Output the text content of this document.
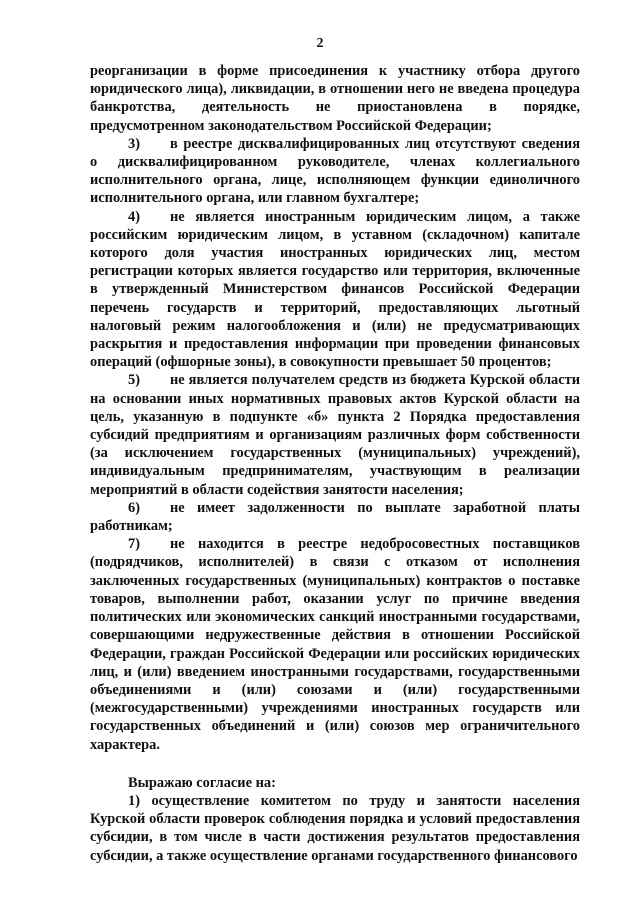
2

реорганизации в форме присоединения к участнику отбора другого юридического лица), ликвидации, в отношении него не введена процедура банкротства, деятельность не приостановлена в порядке, предусмотренном законодательством Российской Федерации;

3) в реестре дисквалифицированных лиц отсутствуют сведения о дисквалифицированном руководителе, членах коллегиального исполнительного органа, лице, исполняющем функции единоличного исполнительного органа, или главном бухгалтере;

4) не является иностранным юридическим лицом, а также российским юридическим лицом, в уставном (складочном) капитале которого доля участия иностранных юридических лиц, местом регистрации которых является государство или территория, включенные в утвержденный Министерством финансов Российской Федерации перечень государств и территорий, предоставляющих льготный налоговый режим налогообложения и (или) не предусматривающих раскрытия и предоставления информации при проведении финансовых операций (офшорные зоны), в совокупности превышает 50 процентов;

5) не является получателем средств из бюджета Курской области на основании иных нормативных правовых актов Курской области на цель, указанную в подпункте «б» пункта 2 Порядка предоставления субсидий предприятиям и организациям различных форм собственности (за исключением государственных (муниципальных) учреждений), индивидуальным предпринимателям, участвующим в реализации мероприятий в области содействия занятости населения;

6) не имеет задолженности по выплате заработной платы работникам;

7) не находится в реестре недобросовестных поставщиков (подрядчиков, исполнителей) в связи с отказом от исполнения заключенных государственных (муниципальных) контрактов о поставке товаров, выполнении работ, оказании услуг по причине введения политических или экономических санкций иностранными государствами, совершающими недружественные действия в отношении Российской Федерации, граждан Российской Федерации или российских юридических лиц, и (или) введением иностранными государствами, государственными объединениями и (или) союзами и (или) государственными (межгосударственными) учреждениями иностранных государств или государственных объединений и (или) союзов мер ограничительного характера.

Выражаю согласие на:

1) осуществление комитетом по труду и занятости населения Курской области проверок соблюдения порядка и условий предоставления субсидии, в том числе в части достижения результатов предоставления субсидии, а также осуществление органами государственного финансового
